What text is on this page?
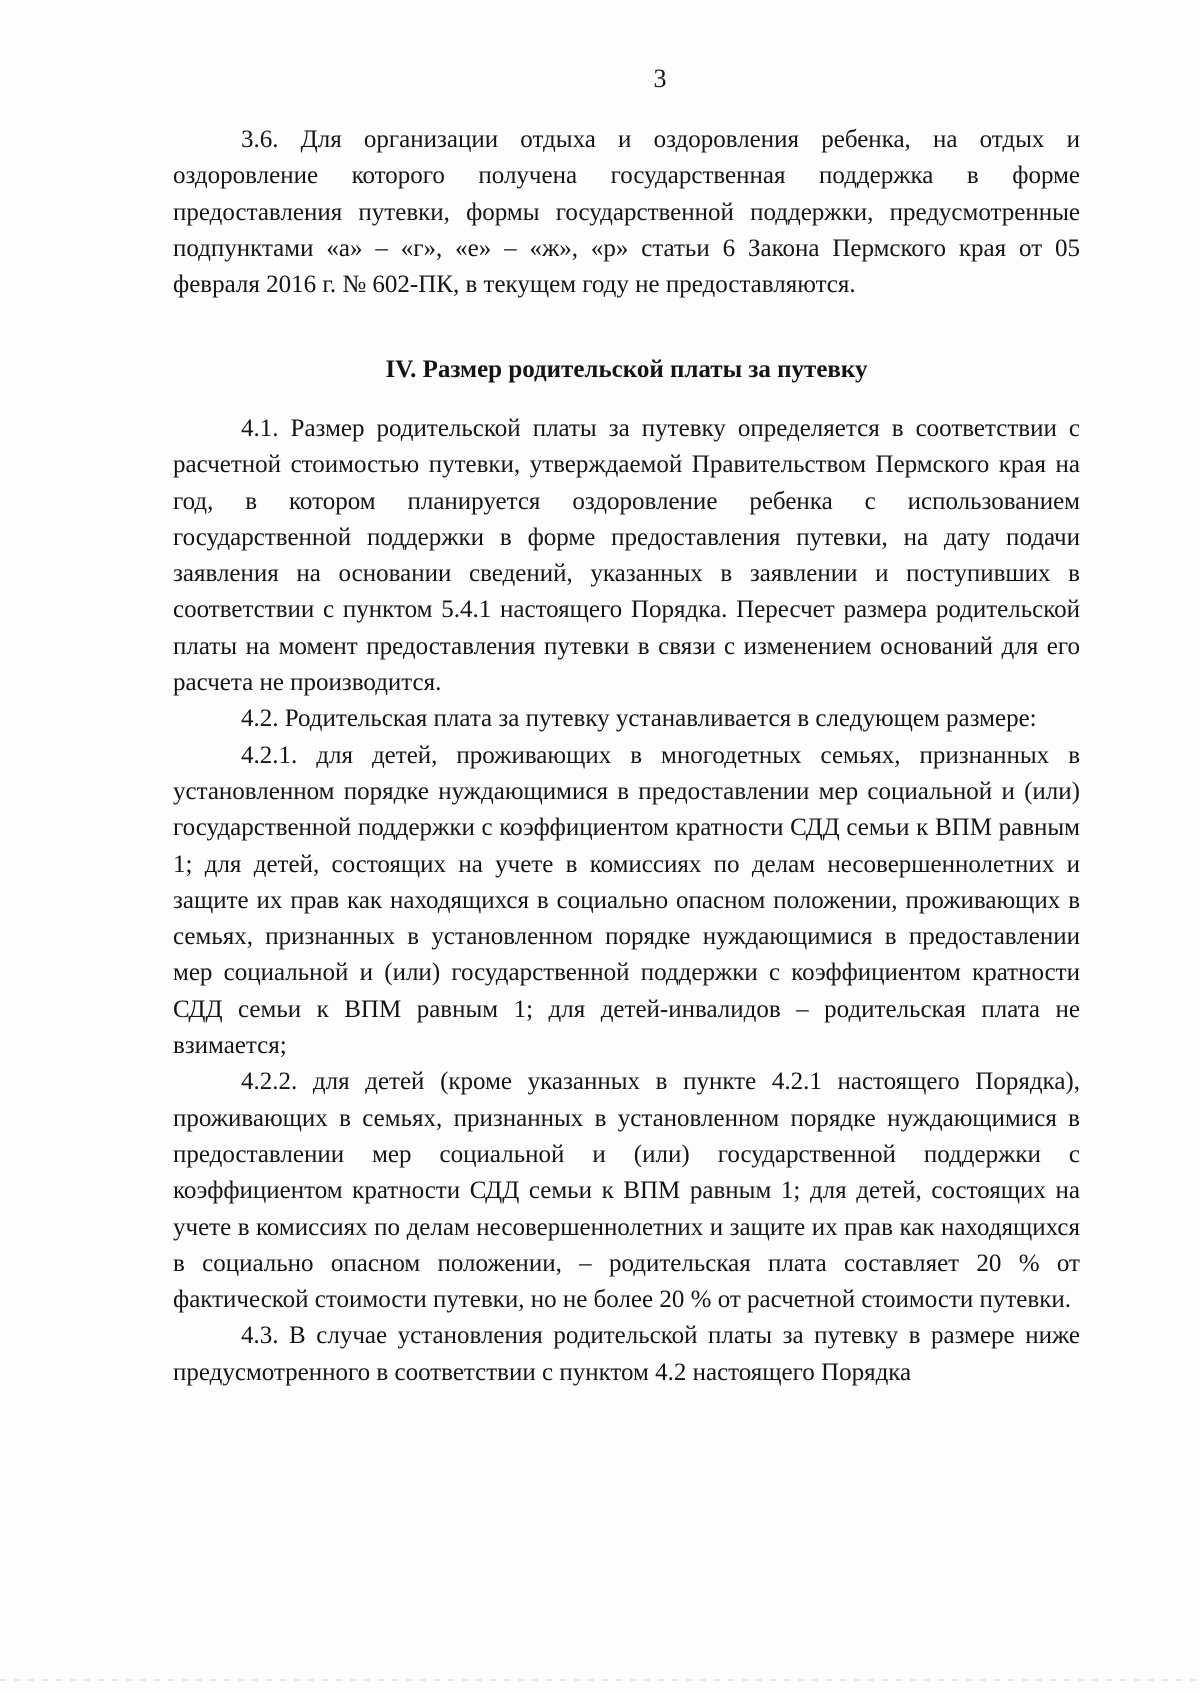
3

3.6. Для организации отдыха и оздоровления ребенка, на отдых и оздоровление которого получена государственная поддержка в форме предоставления путевки, формы государственной поддержки, предусмотренные подпунктами «а» – «г», «е» – «ж», «р» статьи 6 Закона Пермского края от 05 февраля 2016 г. № 602-ПК, в текущем году не предоставляются.

IV. Размер родительской платы за путевку

4.1. Размер родительской платы за путевку определяется в соответствии с расчетной стоимостью путевки, утверждаемой Правительством Пермского края на год, в котором планируется оздоровление ребенка с использованием государственной поддержки в форме предоставления путевки, на дату подачи заявления на основании сведений, указанных в заявлении и поступивших в соответствии с пунктом 5.4.1 настоящего Порядка. Пересчет размера родительской платы на момент предоставления путевки в связи с изменением оснований для его расчета не производится.

4.2. Родительская плата за путевку устанавливается в следующем размере:

4.2.1. для детей, проживающих в многодетных семьях, признанных в установленном порядке нуждающимися в предоставлении мер социальной и (или) государственной поддержки с коэффициентом кратности СДД семьи к ВПМ равным 1; для детей, состоящих на учете в комиссиях по делам несовершеннолетних и защите их прав как находящихся в социально опасном положении, проживающих в семьях, признанных в установленном порядке нуждающимися в предоставлении мер социальной и (или) государственной поддержки с коэффициентом кратности СДД семьи к ВПМ равным 1; для детей-инвалидов – родительская плата не взимается;

4.2.2. для детей (кроме указанных в пункте 4.2.1 настоящего Порядка), проживающих в семьях, признанных в установленном порядке нуждающимися в предоставлении мер социальной и (или) государственной поддержки с коэффициентом кратности СДД семьи к ВПМ равным 1; для детей, состоящих на учете в комиссиях по делам несовершеннолетних и защите их прав как находящихся в социально опасном положении, – родительская плата составляет 20 % от фактической стоимости путевки, но не более 20 % от расчетной стоимости путевки.

4.3. В случае установления родительской платы за путевку в размере ниже предусмотренного в соответствии с пунктом 4.2 настоящего Порядка
